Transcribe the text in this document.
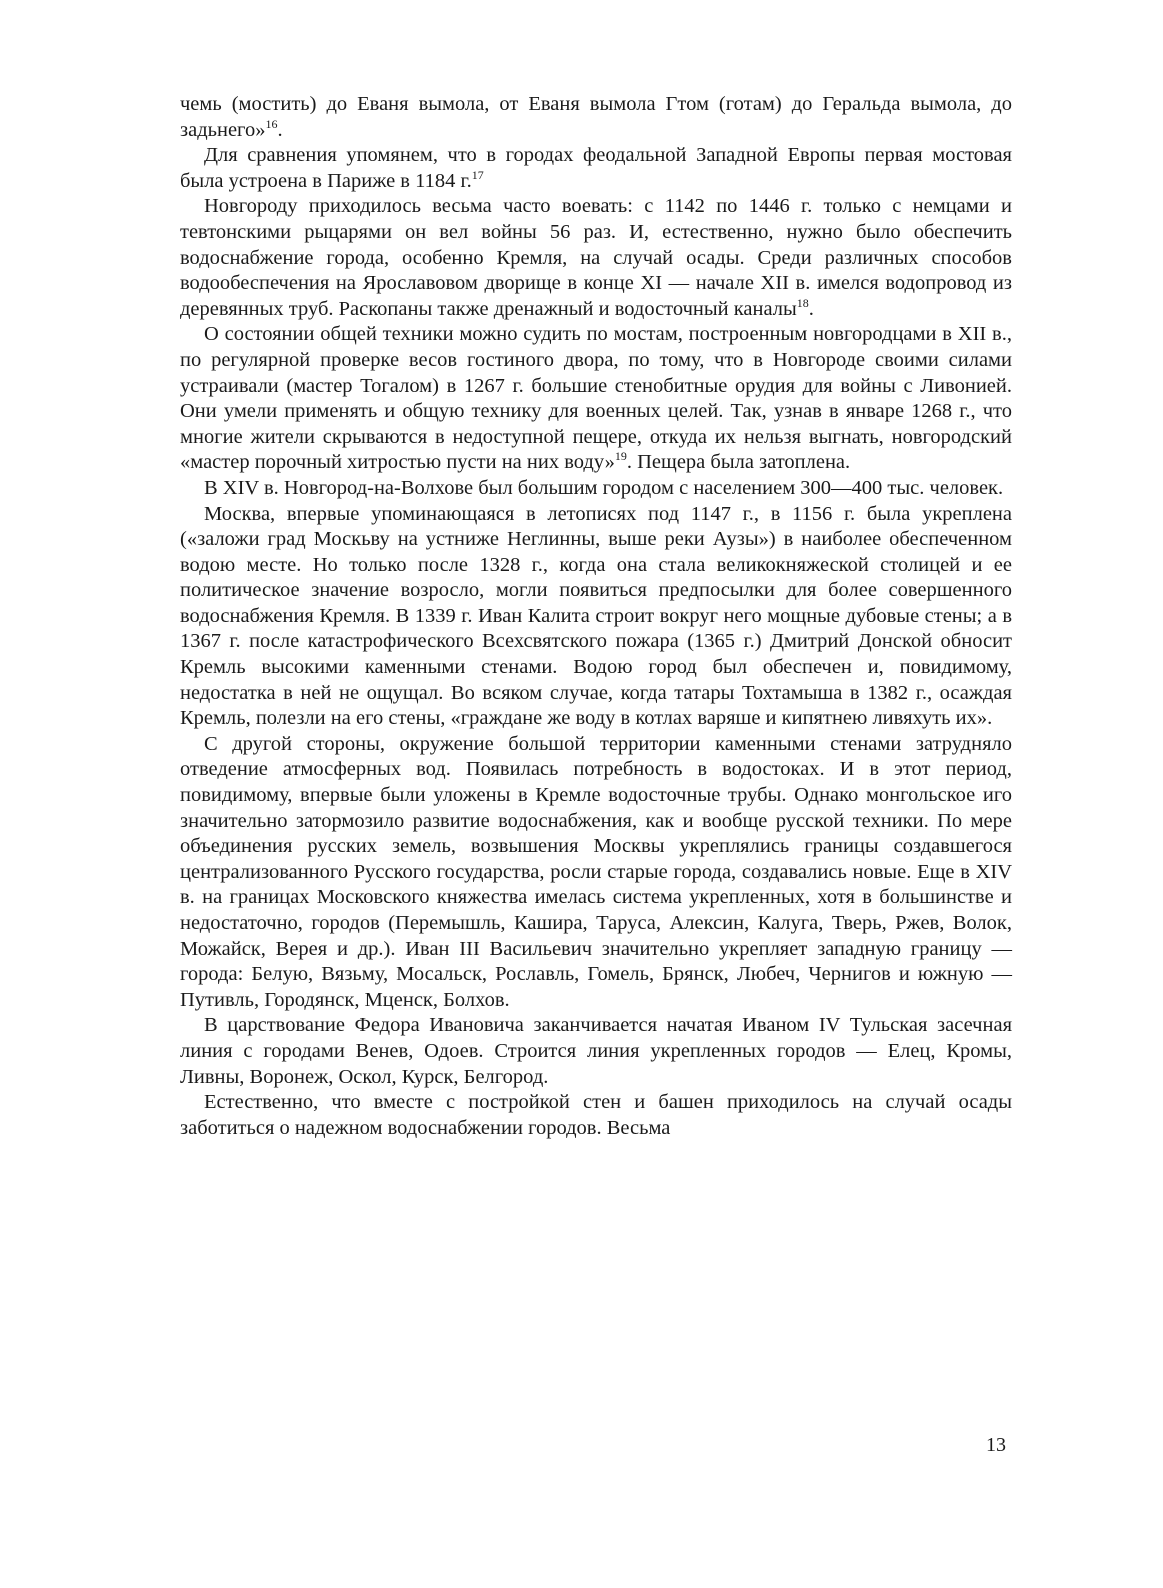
чемь (мостить) до Еваня вымола, от Еваня вымола Гтом (готам) до Геральда вымола, до задьнего»$^{16}$.

Для сравнения упомянем, что в городах феодальной Западной Европы первая мостовая была устроена в Париже в 1184 г.$^{17}$

Новгороду приходилось весьма часто воевать: с 1142 по 1446 г. только с немцами и тевтонскими рыцарями он вел войны 56 раз. И, естественно, нужно было обеспечить водоснабжение города, особенно Кремля, на случай осады. Среди различных способов водообеспечения на Ярославовом дворище в конце XI — начале XII в. имелся водопровод из деревянных труб. Раскопаны также дренажный и водосточный каналы$^{18}$.

О состоянии общей техники можно судить по мостам, построенным новгородцами в XII в., по регулярной проверке весов гостиного двора, по тому, что в Новгороде своими силами устраивали (мастер Тогалом) в 1267 г. большие стенобитные орудия для войны с Ливонией. Они умели применять и общую технику для военных целей. Так, узнав в январе 1268 г., что многие жители скрываются в недоступной пещере, откуда их нельзя выгнать, новгородский «мастер порочный хитростью пусти на них воду»$^{19}$. Пещера была затоплена.

В XIV в. Новгород-на-Волхове был большим городом с населением 300—400 тыс. человек.

Москва, впервые упоминающаяся в летописях под 1147 г., в 1156 г. была укреплена («заложи град Москьву на устниже Неглинны, выше реки Аузы») в наиболее обеспеченном водою месте. Но только после 1328 г., когда она стала великокняжеской столицей и ее политическое значение возросло, могли появиться предпосылки для более совершенного водоснабжения Кремля. В 1339 г. Иван Калита строит вокруг него мощные дубовые стены; а в 1367 г. после катастрофического Всехсвятского пожара (1365 г.) Дмитрий Донской обносит Кремль высокими каменными стенами. Водою город был обеспечен и, повидимому, недостатка в ней не ощущал. Во всяком случае, когда татары Тохтамыша в 1382 г., осаждая Кремль, полезли на его стены, «граждане же воду в котлах варяше и кипятнею ливяхуть их».

С другой стороны, окружение большой территории каменными стенами затрудняло отведение атмосферных вод. Появилась потребность в водостоках. И в этот период, повидимому, впервые были уложены в Кремле водосточные трубы. Однако монгольское иго значительно затормозило развитие водоснабжения, как и вообще русской техники. По мере объединения русских земель, возвышения Москвы укреплялись границы создавшегося централизованного Русского государства, росли старые города, создавались новые. Еще в XIV в. на границах Московского княжества имелась система укрепленных, хотя в большинстве и недостаточно, городов (Перемышль, Кашира, Таруса, Алексин, Калуга, Тверь, Ржев, Волок, Можайск, Верея и др.). Иван III Васильевич значительно укрепляет западную границу — города: Белую, Вязьму, Мосальск, Рославль, Гомель, Брянск, Любеч, Чернигов и южную — Путивль, Городянск, Мценск, Болхов.

В царствование Федора Ивановича заканчивается начатая Иваном IV Тульская засечная линия с городами Венев, Одоев. Строится линия укрепленных городов — Елец, Кромы, Ливны, Воронеж, Оскол, Курск, Белгород.

Естественно, что вместе с постройкой стен и башен приходилось на случай осады заботиться о надежном водоснабжении городов. Весьма

13
